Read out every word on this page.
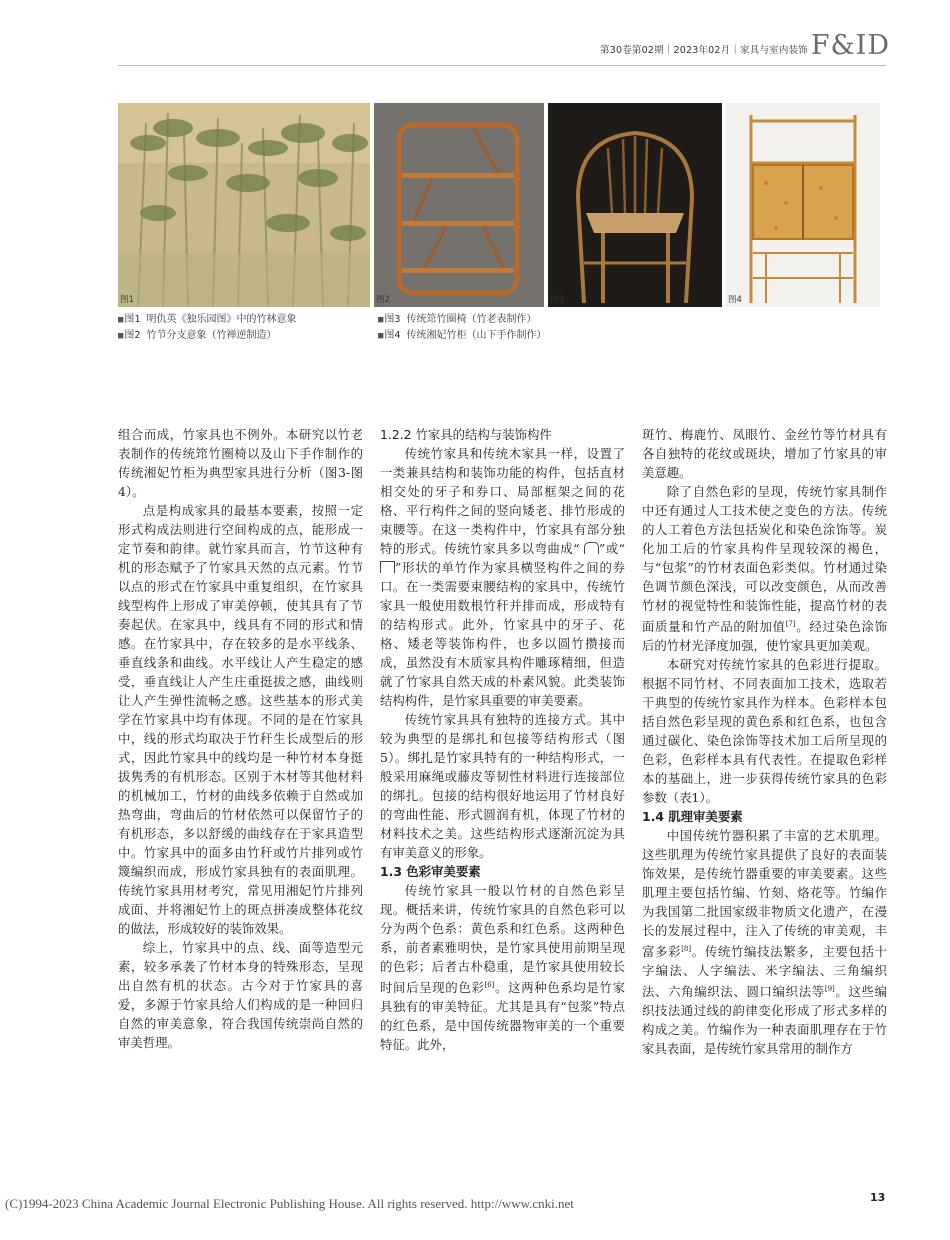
第30卷第02期｜2023年02月｜家具与室内装饰 F&ID
图1	图2	图3	图4
■ 图1 明仇英《独乐园图》中的竹林意象
■ 图2 竹节分支意象（竹禅逆制造）
■ 图3 传统筇竹圈椅（竹老表制作）
■ 图4 传统湘妃竹柜（山下手作制作）

组合而成，竹家具也不例外。本研究以竹老表制作的传统筇竹圈椅以及山下手作制作的传统湘妃竹柜为典型家具进行分析（图3-图4）。

点是构成家具的最基本要素，按照一定形式构成法则进行空间构成的点，能形成一定节奏和韵律。就竹家具而言，竹节这种有机的形态赋予了竹家具天然的点元素。竹节以点的形式在竹家具中重复组织，在竹家具线型构件上形成了审美停顿，使其具有了节奏起伏。在家具中，线具有不同的形式和情感。在竹家具中，存在较多的是水平线条、垂直线条和曲线。水平线让人产生稳定的感受，垂直线让人产生庄重挺拔之感，曲线则让人产生弹性流畅之感。这些基本的形式美学在竹家具中均有体现。不同的是在竹家具中，线的形式均取决于竹秆生长成型后的形式，因此竹家具中的线均是一种竹材本身挺拔隽秀的有机形态。区别于木材等其他材料的机械加工，竹材的曲线多依赖于自然或加热弯曲，弯曲后的竹材依然可以保留竹子的有机形态，多以舒缓的曲线存在于家具造型中。竹家具中的面多由竹秆或竹片排列或竹篾编织而成，形成竹家具独有的表面肌理。传统竹家具用材考究，常见用湘妃竹片排列成面、并将湘妃竹上的斑点拼凑成整体花纹的做法，形成较好的装饰效果。

综上，竹家具中的点、线、面等造型元素，较多承袭了竹材本身的特殊形态，呈现出自然有机的状态。古今对于竹家具的喜爱，多源于竹家具给人们构成的是一种回归自然的审美意象，符合我国传统崇尚自然的审美哲理。

1.2.2 竹家具的结构与装饰构件

传统竹家具和传统木家具一样，设置了一类兼具结构和装饰功能的构件，包括直材相交处的牙子和券口、局部框架之间的花格、平行构件之间的竖向矮老、排竹形成的束腰等。在这一类构件中，竹家具有部分独特的形式。传统竹家具多以弯曲成“ ”或“”形状的单竹作为家具横竖构件之间的券口。在一类需要束腰结构的家具中，传统竹家具一般使用数根竹秆并排而成，形成特有的结构形式。此外，竹家具中的牙子、花格、矮老等装饰构件，也多以圆竹攒接而成，虽然没有木质家具构件雕琢精细，但造就了竹家具自然天成的朴素风貌。此类装饰结构构件，是竹家具重要的审美要素。

传统竹家具具有独特的连接方式。其中较为典型的是绑扎和包接等结构形式（图5）。绑扎是竹家具特有的一种结构形式，一般采用麻绳或藤皮等韧性材料进行连接部位的绑扎。包接的结构很好地运用了竹材良好的弯曲性能、形式圆润有机，体现了竹材的材料技术之美。这些结构形式逐渐沉淀为具有审美意义的形象。

1.3 色彩审美要素

传统竹家具一般以竹材的自然色彩呈现。概括来讲，传统竹家具的自然色彩可以分为两个色系：黄色系和红色系。这两种色系，前者素雅明快，是竹家具使用前期呈现的色彩；后者古朴稳重，是竹家具使用较长时间后呈现的色彩[6]。这两种色系均是竹家具独有的审美特征。尤其是具有“包浆”特点的红色系，是中国传统器物审美的一个重要特征。此外，

斑竹、梅鹿竹、凤眼竹、金丝竹等竹材具有各自独特的花纹或斑块，增加了竹家具的审美意趣。

除了自然色彩的呈现，传统竹家具制作中还有通过人工技术使之变色的方法。传统的人工着色方法包括炭化和染色涂饰等。炭化加工后的竹家具构件呈现较深的褐色，与“包浆”的竹材表面色彩类似。竹材通过染色调节颜色深浅，可以改变颜色，从而改善竹材的视觉特性和装饰性能，提高竹材的表面质量和竹产品的附加值[7]。经过染色涂饰后的竹材光泽度加强，使竹家具更加美观。

本研究对传统竹家具的色彩进行提取。根据不同竹材、不同表面加工技术，选取若干典型的传统竹家具作为样本。色彩样本包括自然色彩呈现的黄色系和红色系，也包含通过碳化、染色涂饰等技术加工后所呈现的色彩，色彩样本具有代表性。在提取色彩样本的基础上，进一步获得传统竹家具的色彩参数（表1）。

1.4 肌理审美要素

中国传统竹器积累了丰富的艺术肌理。这些肌理为传统竹家具提供了良好的表面装饰效果，是传统竹器重要的审美要素。这些肌理主要包括竹编、竹刻、烙花等。竹编作为我国第二批国家级非物质文化遗产，在漫长的发展过程中，注入了传统的审美观，丰富多彩[8]。传统竹编技法繁多，主要包括十字编法、人字编法、米字编法、三角编织法、六角编织法、圆口编织法等[9]。这些编织技法通过线的韵律变化形成了形式多样的构成之美。竹编作为一种表面肌理存在于竹家具表面，是传统竹家具常用的制作方

(C)1994-2023 China Academic Journal Electronic Publishing House. All rights reserved. http://www.cnki.net	13
